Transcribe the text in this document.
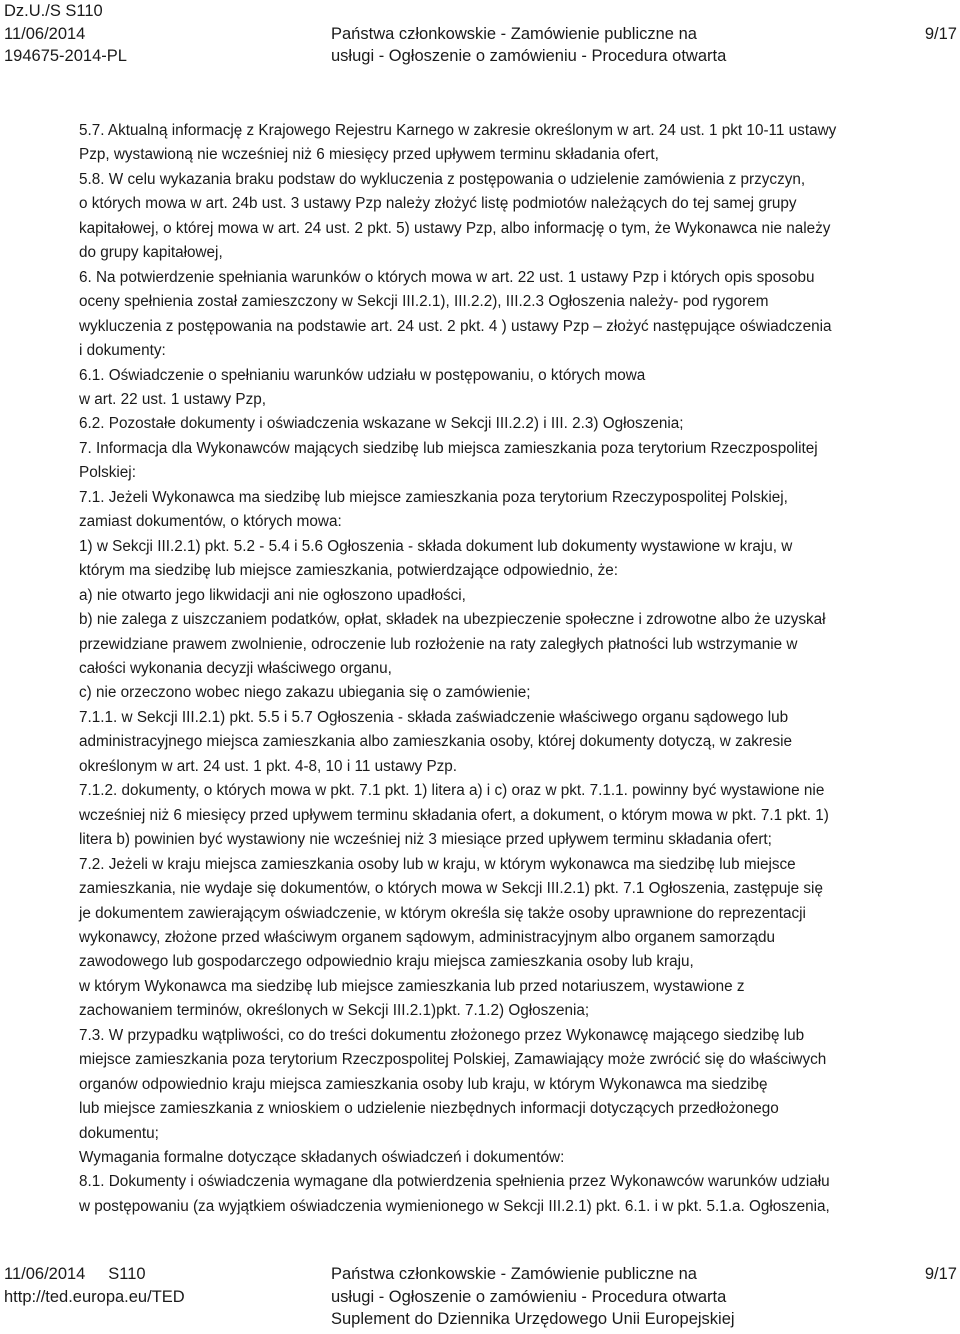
Dz.U./S S110
11/06/2014
194675-2014-PL

Państwa członkowskie - Zamówienie publiczne na
usługi - Ogłoszenie o zamówieniu - Procedura otwarta

9/17
5.7. Aktualną informację z Krajowego Rejestru Karnego w zakresie określonym w art. 24 ust. 1 pkt 10-11 ustawy
Pzp, wystawioną nie wcześniej niż 6 miesięcy przed upływem terminu składania ofert,
5.8. W celu wykazania braku podstaw do wykluczenia z postępowania o udzielenie zamówienia z przyczyn,
o których mowa w art. 24b ust. 3 ustawy Pzp należy złożyć listę podmiotów należących do tej samej grupy
kapitałowej, o której mowa w art. 24 ust. 2 pkt. 5) ustawy Pzp, albo informację o tym, że Wykonawca nie należy
do grupy kapitałowej,
6. Na potwierdzenie spełniania warunków o których mowa w art. 22 ust. 1 ustawy Pzp i których opis sposobu
oceny spełnienia został zamieszczony w Sekcji III.2.1), III.2.2), III.2.3 Ogłoszenia należy- pod rygorem
wykluczenia z postępowania na podstawie art. 24 ust. 2 pkt. 4 ) ustawy Pzp – złożyć następujące oświadczenia
i dokumenty:
6.1. Oświadczenie o spełnianiu warunków udziału w postępowaniu, o których mowa
w art. 22 ust. 1 ustawy Pzp,
6.2. Pozostałe dokumenty i oświadczenia wskazane w Sekcji III.2.2) i III. 2.3) Ogłoszenia;
7. Informacja dla Wykonawców mających siedzibę lub miejsca zamieszkania poza terytorium Rzeczpospolitej
Polskiej:
7.1. Jeżeli Wykonawca ma siedzibę lub miejsce zamieszkania poza terytorium Rzeczypospolitej Polskiej,
zamiast dokumentów, o których mowa:
1) w Sekcji III.2.1) pkt. 5.2 - 5.4 i 5.6 Ogłoszenia - składa dokument lub dokumenty wystawione w kraju, w
którym ma siedzibę lub miejsce zamieszkania, potwierdzające odpowiednio, że:
a) nie otwarto jego likwidacji ani nie ogłoszono upadłości,
b) nie zalega z uiszczaniem podatków, opłat, składek na ubezpieczenie społeczne i zdrowotne albo że uzyskał
przewidziane prawem zwolnienie, odroczenie lub rozłożenie na raty zaległych płatności lub wstrzymanie w
całości wykonania decyzji właściwego organu,
c) nie orzeczono wobec niego zakazu ubiegania się o zamówienie;
7.1.1. w Sekcji III.2.1) pkt. 5.5 i 5.7 Ogłoszenia - składa zaświadczenie właściwego organu sądowego lub
administracyjnego miejsca zamieszkania albo zamieszkania osoby, której dokumenty dotyczą, w zakresie
określonym w art. 24 ust. 1 pkt. 4-8, 10 i 11 ustawy Pzp.
7.1.2. dokumenty, o których mowa w pkt. 7.1 pkt. 1) litera a) i c) oraz w pkt. 7.1.1. powinny być wystawione nie
wcześniej niż 6 miesięcy przed upływem terminu składania ofert, a dokument, o którym mowa w pkt. 7.1 pkt. 1)
litera b) powinien być wystawiony nie wcześniej niż 3 miesiące przed upływem terminu składania ofert;
7.2. Jeżeli w kraju miejsca zamieszkania osoby lub w kraju, w którym wykonawca ma siedzibę lub miejsce
zamieszkania, nie wydaje się dokumentów, o których mowa w Sekcji III.2.1) pkt. 7.1 Ogłoszenia, zastępuje się
je dokumentem zawierającym oświadczenie, w którym określa się także osoby uprawnione do reprezentacji
wykonawcy, złożone przed właściwym organem sądowym, administracyjnym albo organem samorządu
zawodowego lub gospodarczego odpowiednio kraju miejsca zamieszkania osoby lub kraju,
w którym Wykonawca ma siedzibę lub miejsce zamieszkania lub przed notariuszem, wystawione z
zachowaniem terminów, określonych w Sekcji III.2.1)pkt. 7.1.2) Ogłoszenia;
7.3. W przypadku wątpliwości, co do treści dokumentu złożonego przez Wykonawcę mającego siedzibę lub
miejsce zamieszkania poza terytorium Rzeczpospolitej Polskiej, Zamawiający może zwrócić się do właściwych
organów odpowiednio kraju miejsca zamieszkania osoby lub kraju, w którym Wykonawca ma siedzibę
lub miejsce zamieszkania z wnioskiem o udzielenie niezbędnych informacji dotyczących przedłożonego
dokumentu;
Wymagania formalne dotyczące składanych oświadczeń i dokumentów:
8.1. Dokumenty i oświadczenia wymagane dla potwierdzenia spełnienia przez Wykonawców warunków udziału
w postępowaniu (za wyjątkiem oświadczenia wymienionego w Sekcji III.2.1) pkt. 6.1. i w pkt. 5.1.a. Ogłoszenia,
11/06/2014     S110
http://ted.europa.eu/TED
Państwa członkowskie - Zamówienie publiczne na
usługi - Ogłoszenie o zamówieniu - Procedura otwarta
Suplement do Dziennika Urzędowego Unii Europejskiej
9/17
